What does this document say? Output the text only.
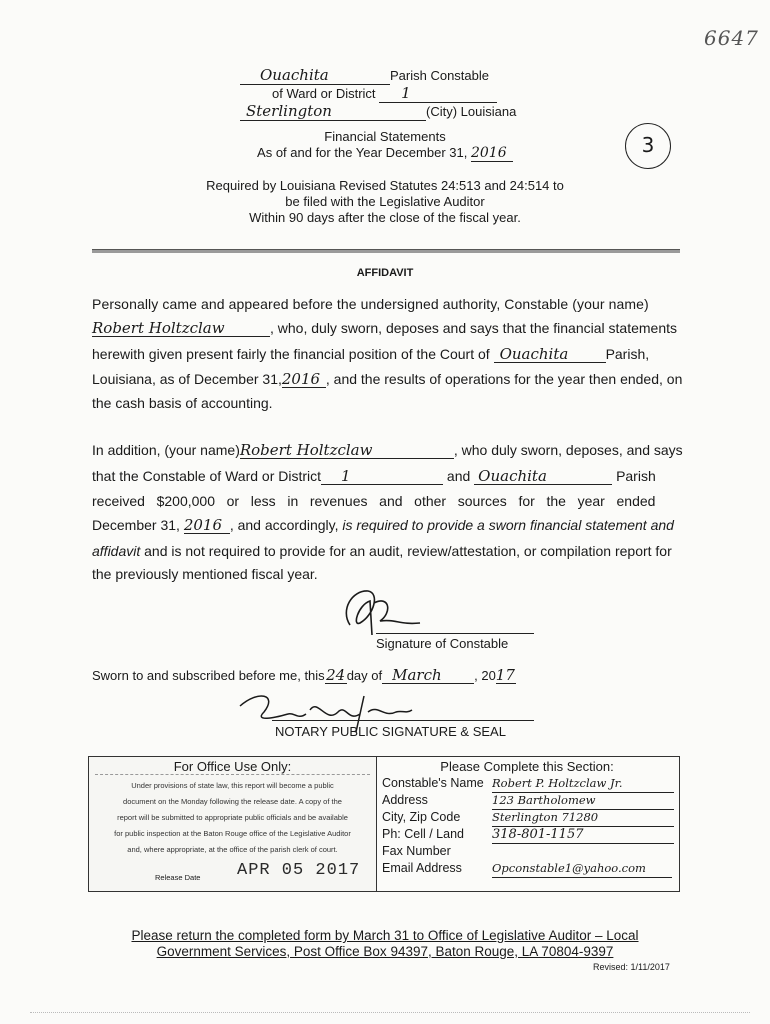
6647
Ouachita	Parish Constable
of Ward or District 1
Sterlington	(City) Louisiana
Financial Statements
As of and for the Year December 31, 2016	3
Required by Louisiana Revised Statutes 24:513 and 24:514 to
be filed with the Legislative Auditor
Within 90 days after the close of the fiscal year.
AFFIDAVIT
Personally came and appeared before the undersigned authority, Constable (your name)
Robert Holtzclaw	, who, duly sworn, deposes and says that the financial statements
herewith given present fairly the financial position of the Court of Ouachita	Parish,
Louisiana, as of December 31,2016 , and the results of operations for the year then ended, on
the cash basis of accounting.
In addition, (your name)Robert Holtzclaw	, who duly sworn, deposes, and says
that the Constable of Ward or District 1	and Ouachita	Parish
received   $200,000   or   less   in   revenues   and   other   sources   for   the   year   ended
December 31, 2016 , and accordingly, is required to provide a sworn financial statement and
affidavit and is not required to provide for an audit, review/attestation, or compilation report for
the previously mentioned fiscal year.
Signature of Constable
Sworn to and subscribed before me, this24day of March , 2017
NOTARY PUBLIC SIGNATURE & SEAL
For Office Use Only:
Under provisions of state law, this report will become a public
document on the Monday following the release date. A copy of the
report will be submitted to appropriate public officials and be available
for public inspection at the Baton Rouge office of the Legislative Auditor
and, where appropriate, at the office of the parish clerk of court.
Release Date APR 05 2017
Please Complete this Section:
Constable's Name Robert P. Holtzclaw Jr.
Address	123 Bartholomew
City, Zip Code	Sterlington 71280
Ph: Cell / Land 318-801-1157
Fax Number
Email Address	Opconstable1@yahoo.com
Please return the completed form by March 31 to Office of Legislative Auditor – Local
Government Services, Post Office Box 94397, Baton Rouge, LA 70804-9397
Revised: 1/11/2017
